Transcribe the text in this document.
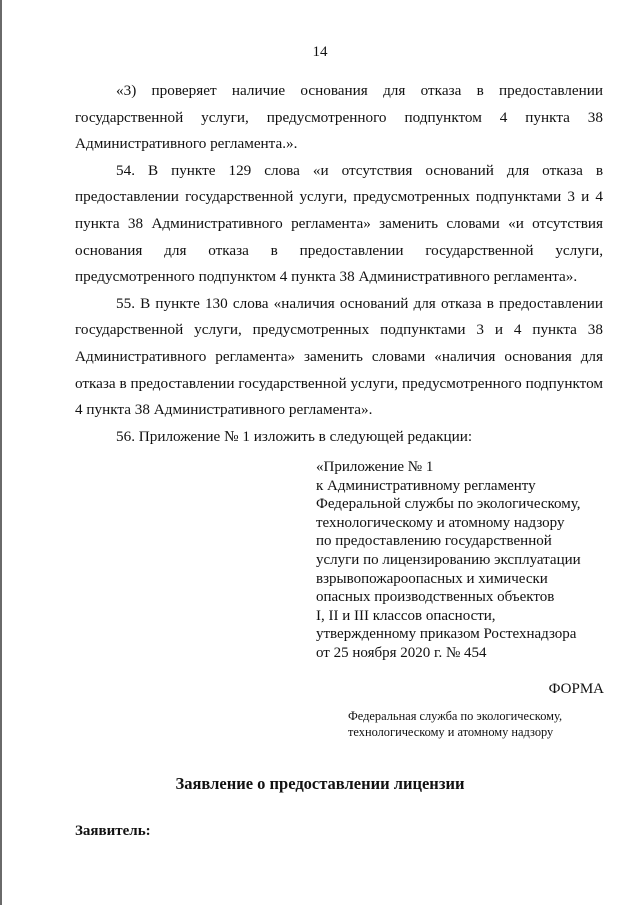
14

«3) проверяет наличие основания для отказа в предоставлении государственной услуги, предусмотренного подпунктом 4 пункта 38 Административного регламента.».

54. В пункте 129 слова «и отсутствия оснований для отказа в предоставлении государственной услуги, предусмотренных подпунктами 3 и 4 пункта 38 Административного регламента» заменить словами «и отсутствия основания для отказа в предоставлении государственной услуги, предусмотренного подпунктом 4 пункта 38 Административного регламента».

55. В пункте 130 слова «наличия оснований для отказа в предоставлении государственной услуги, предусмотренных подпунктами 3 и 4 пункта 38 Административного регламента» заменить словами «наличия основания для отказа в предоставлении государственной услуги, предусмотренного подпунктом 4 пункта 38 Административного регламента».

56. Приложение № 1 изложить в следующей редакции:

«Приложение № 1
к Административному регламенту
Федеральной службы по экологическому,
технологическому и атомному надзору
по предоставлению государственной
услуги по лицензированию эксплуатации
взрывопожароопасных и химически
опасных производственных объектов
I, II и III классов опасности,
утвержденному приказом Ростехнадзора
от 25 ноября 2020 г. № 454
ФОРМА
Федеральная служба по экологическому,
технологическому и атомному надзору
Заявление о предоставлении лицензии
Заявитель:
